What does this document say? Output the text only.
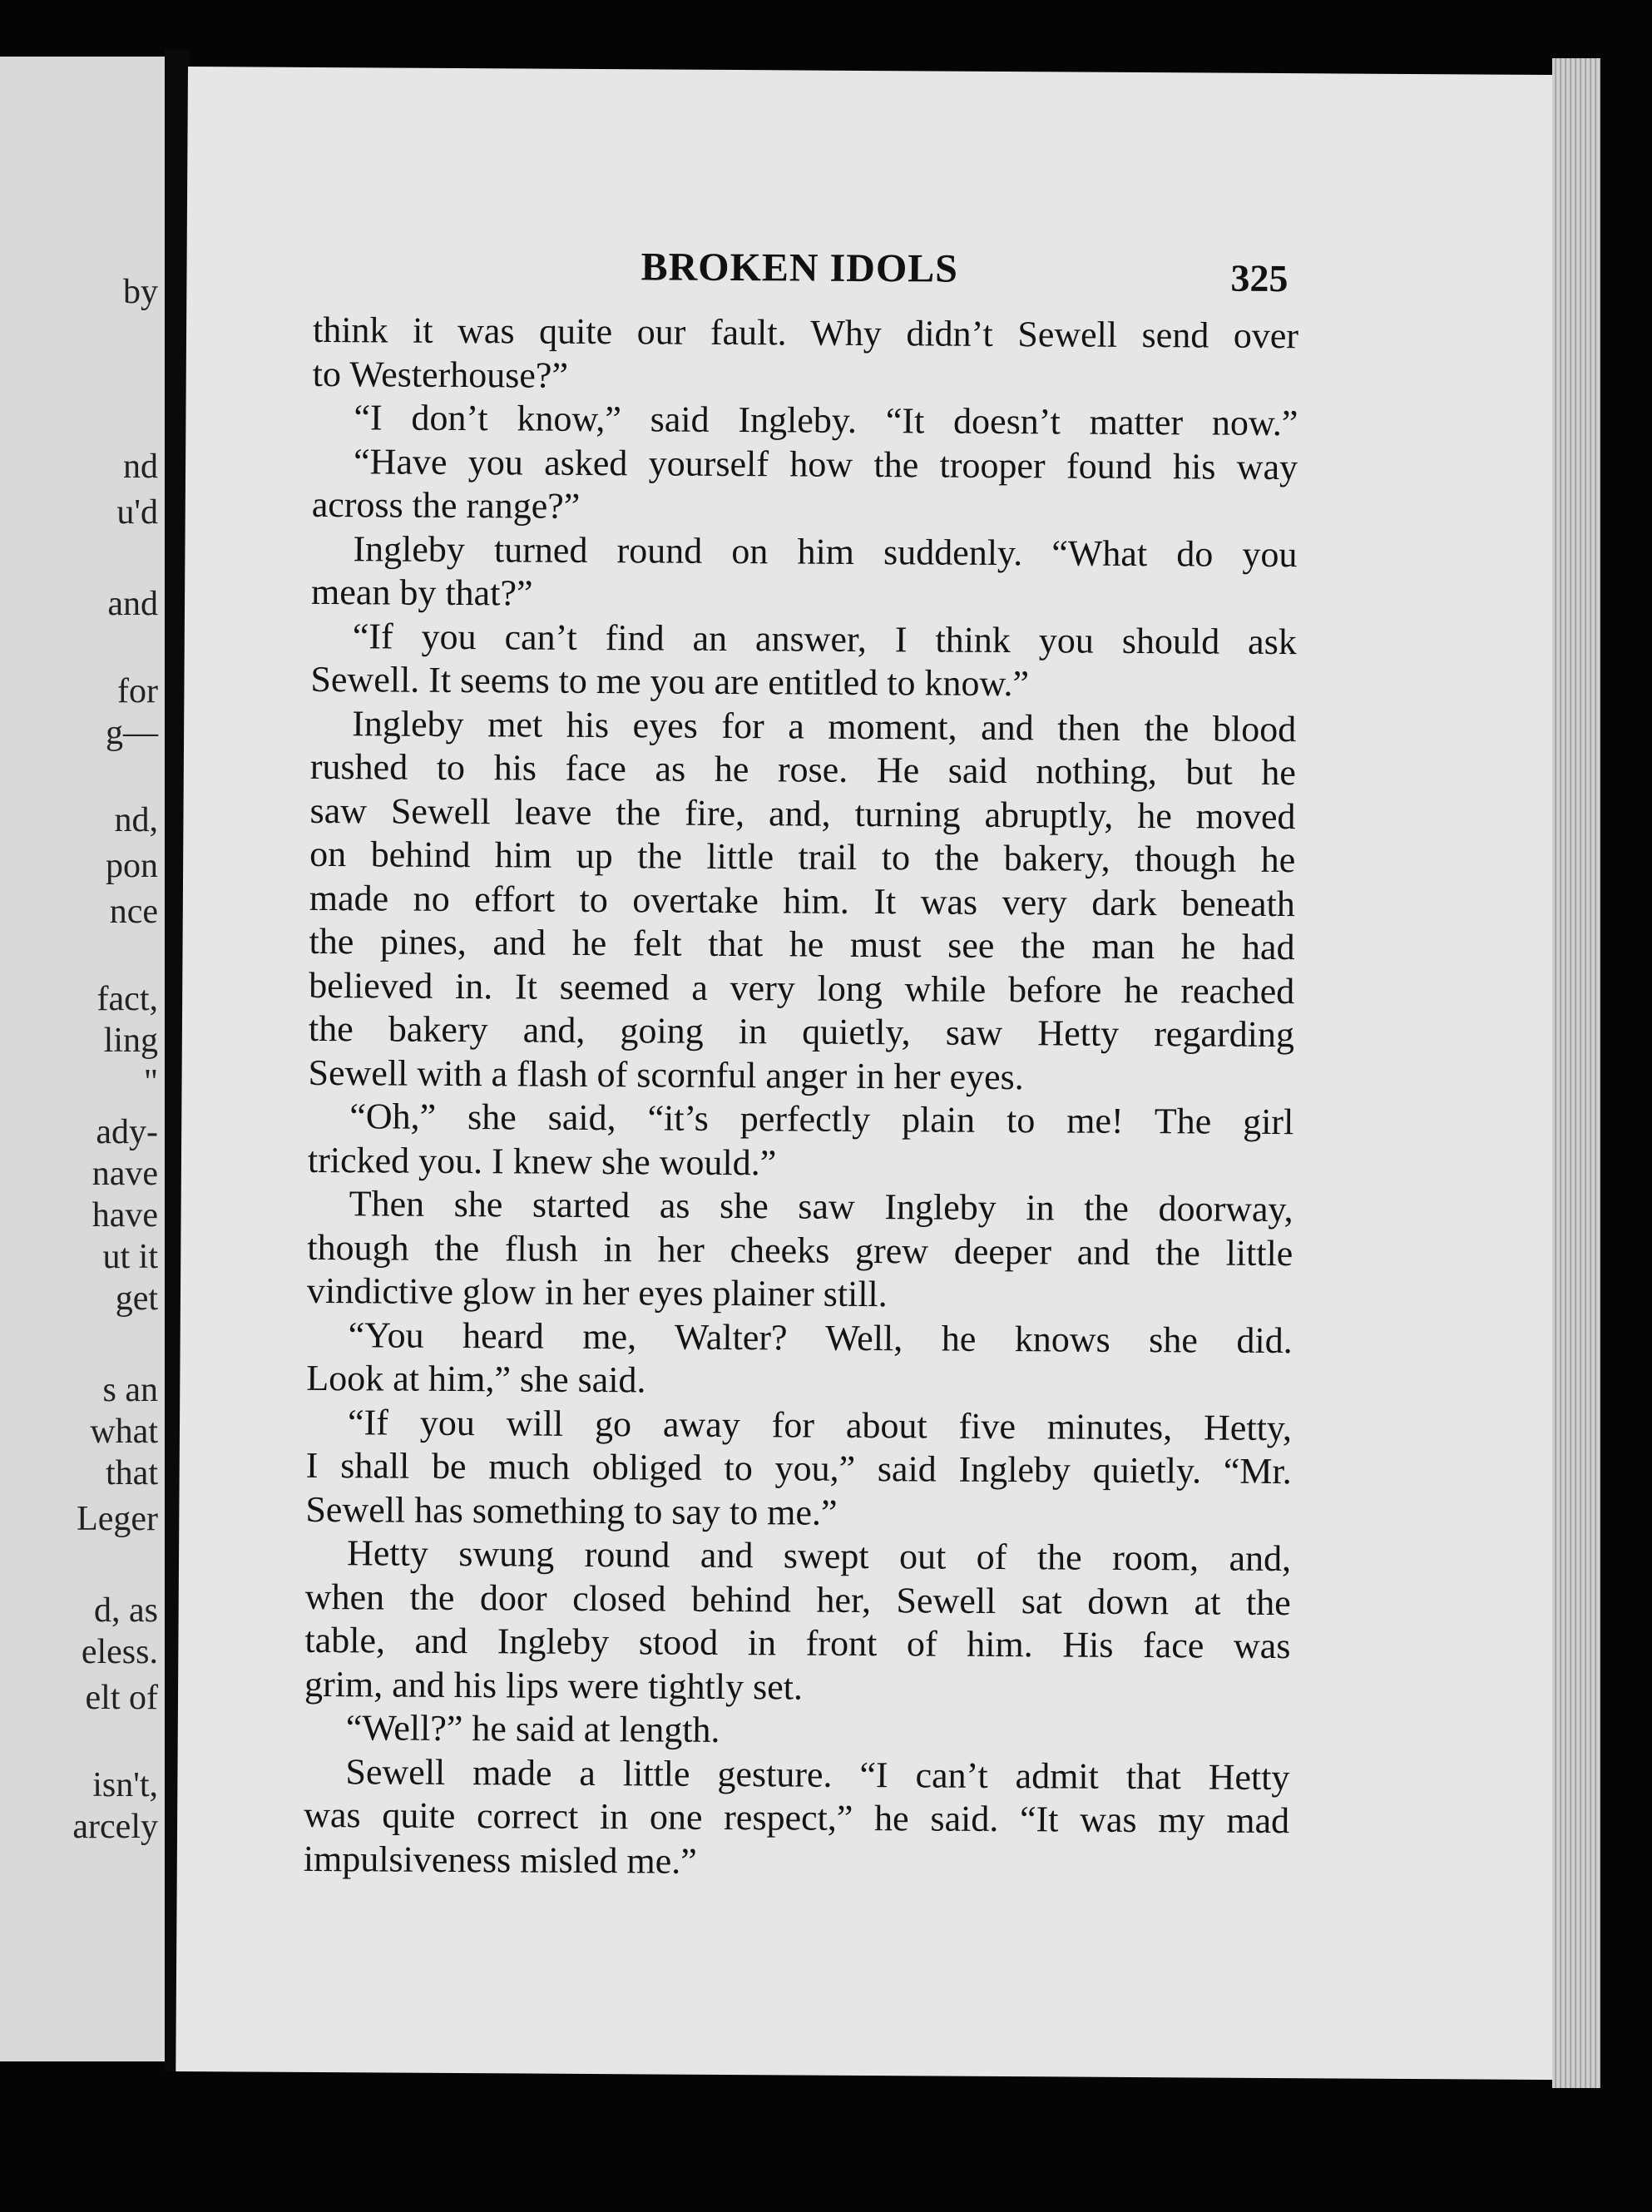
by
nd
u'd
and
for
g—
nd,
pon
nce
fact,
ling
"
ady-
nave
have
ut it
get
s an
what
that
Leger
d, as
eless.
elt of
isn't,
arcely
BROKEN IDOLS	325
think it was quite our fault. Why didn’t Sewell send over
to Westerhouse?”
“I don’t know,” said Ingleby. “It doesn’t matter now.”
“Have you asked yourself how the trooper found his way
across the range?”
Ingleby turned round on him suddenly. “What do you
mean by that?”
“If you can’t find an answer, I think you should ask
Sewell. It seems to me you are entitled to know.”
Ingleby met his eyes for a moment, and then the blood
rushed to his face as he rose. He said nothing, but he
saw Sewell leave the fire, and, turning abruptly, he moved
on behind him up the little trail to the bakery, though he
made no effort to overtake him. It was very dark beneath
the pines, and he felt that he must see the man he had
believed in. It seemed a very long while before he reached
the bakery and, going in quietly, saw Hetty regarding
Sewell with a flash of scornful anger in her eyes.
“Oh,” she said, “it’s perfectly plain to me! The girl
tricked you. I knew she would.”
Then she started as she saw Ingleby in the doorway,
though the flush in her cheeks grew deeper and the little
vindictive glow in her eyes plainer still.
“You heard me, Walter? Well, he knows she did.
Look at him,” she said.
“If you will go away for about five minutes, Hetty,
I shall be much obliged to you,” said Ingleby quietly. “Mr.
Sewell has something to say to me.”
Hetty swung round and swept out of the room, and,
when the door closed behind her, Sewell sat down at the
table, and Ingleby stood in front of him. His face was
grim, and his lips were tightly set.
“Well?” he said at length.
Sewell made a little gesture. “I can’t admit that Hetty
was quite correct in one respect,” he said. “It was my mad
impulsiveness misled me.”
